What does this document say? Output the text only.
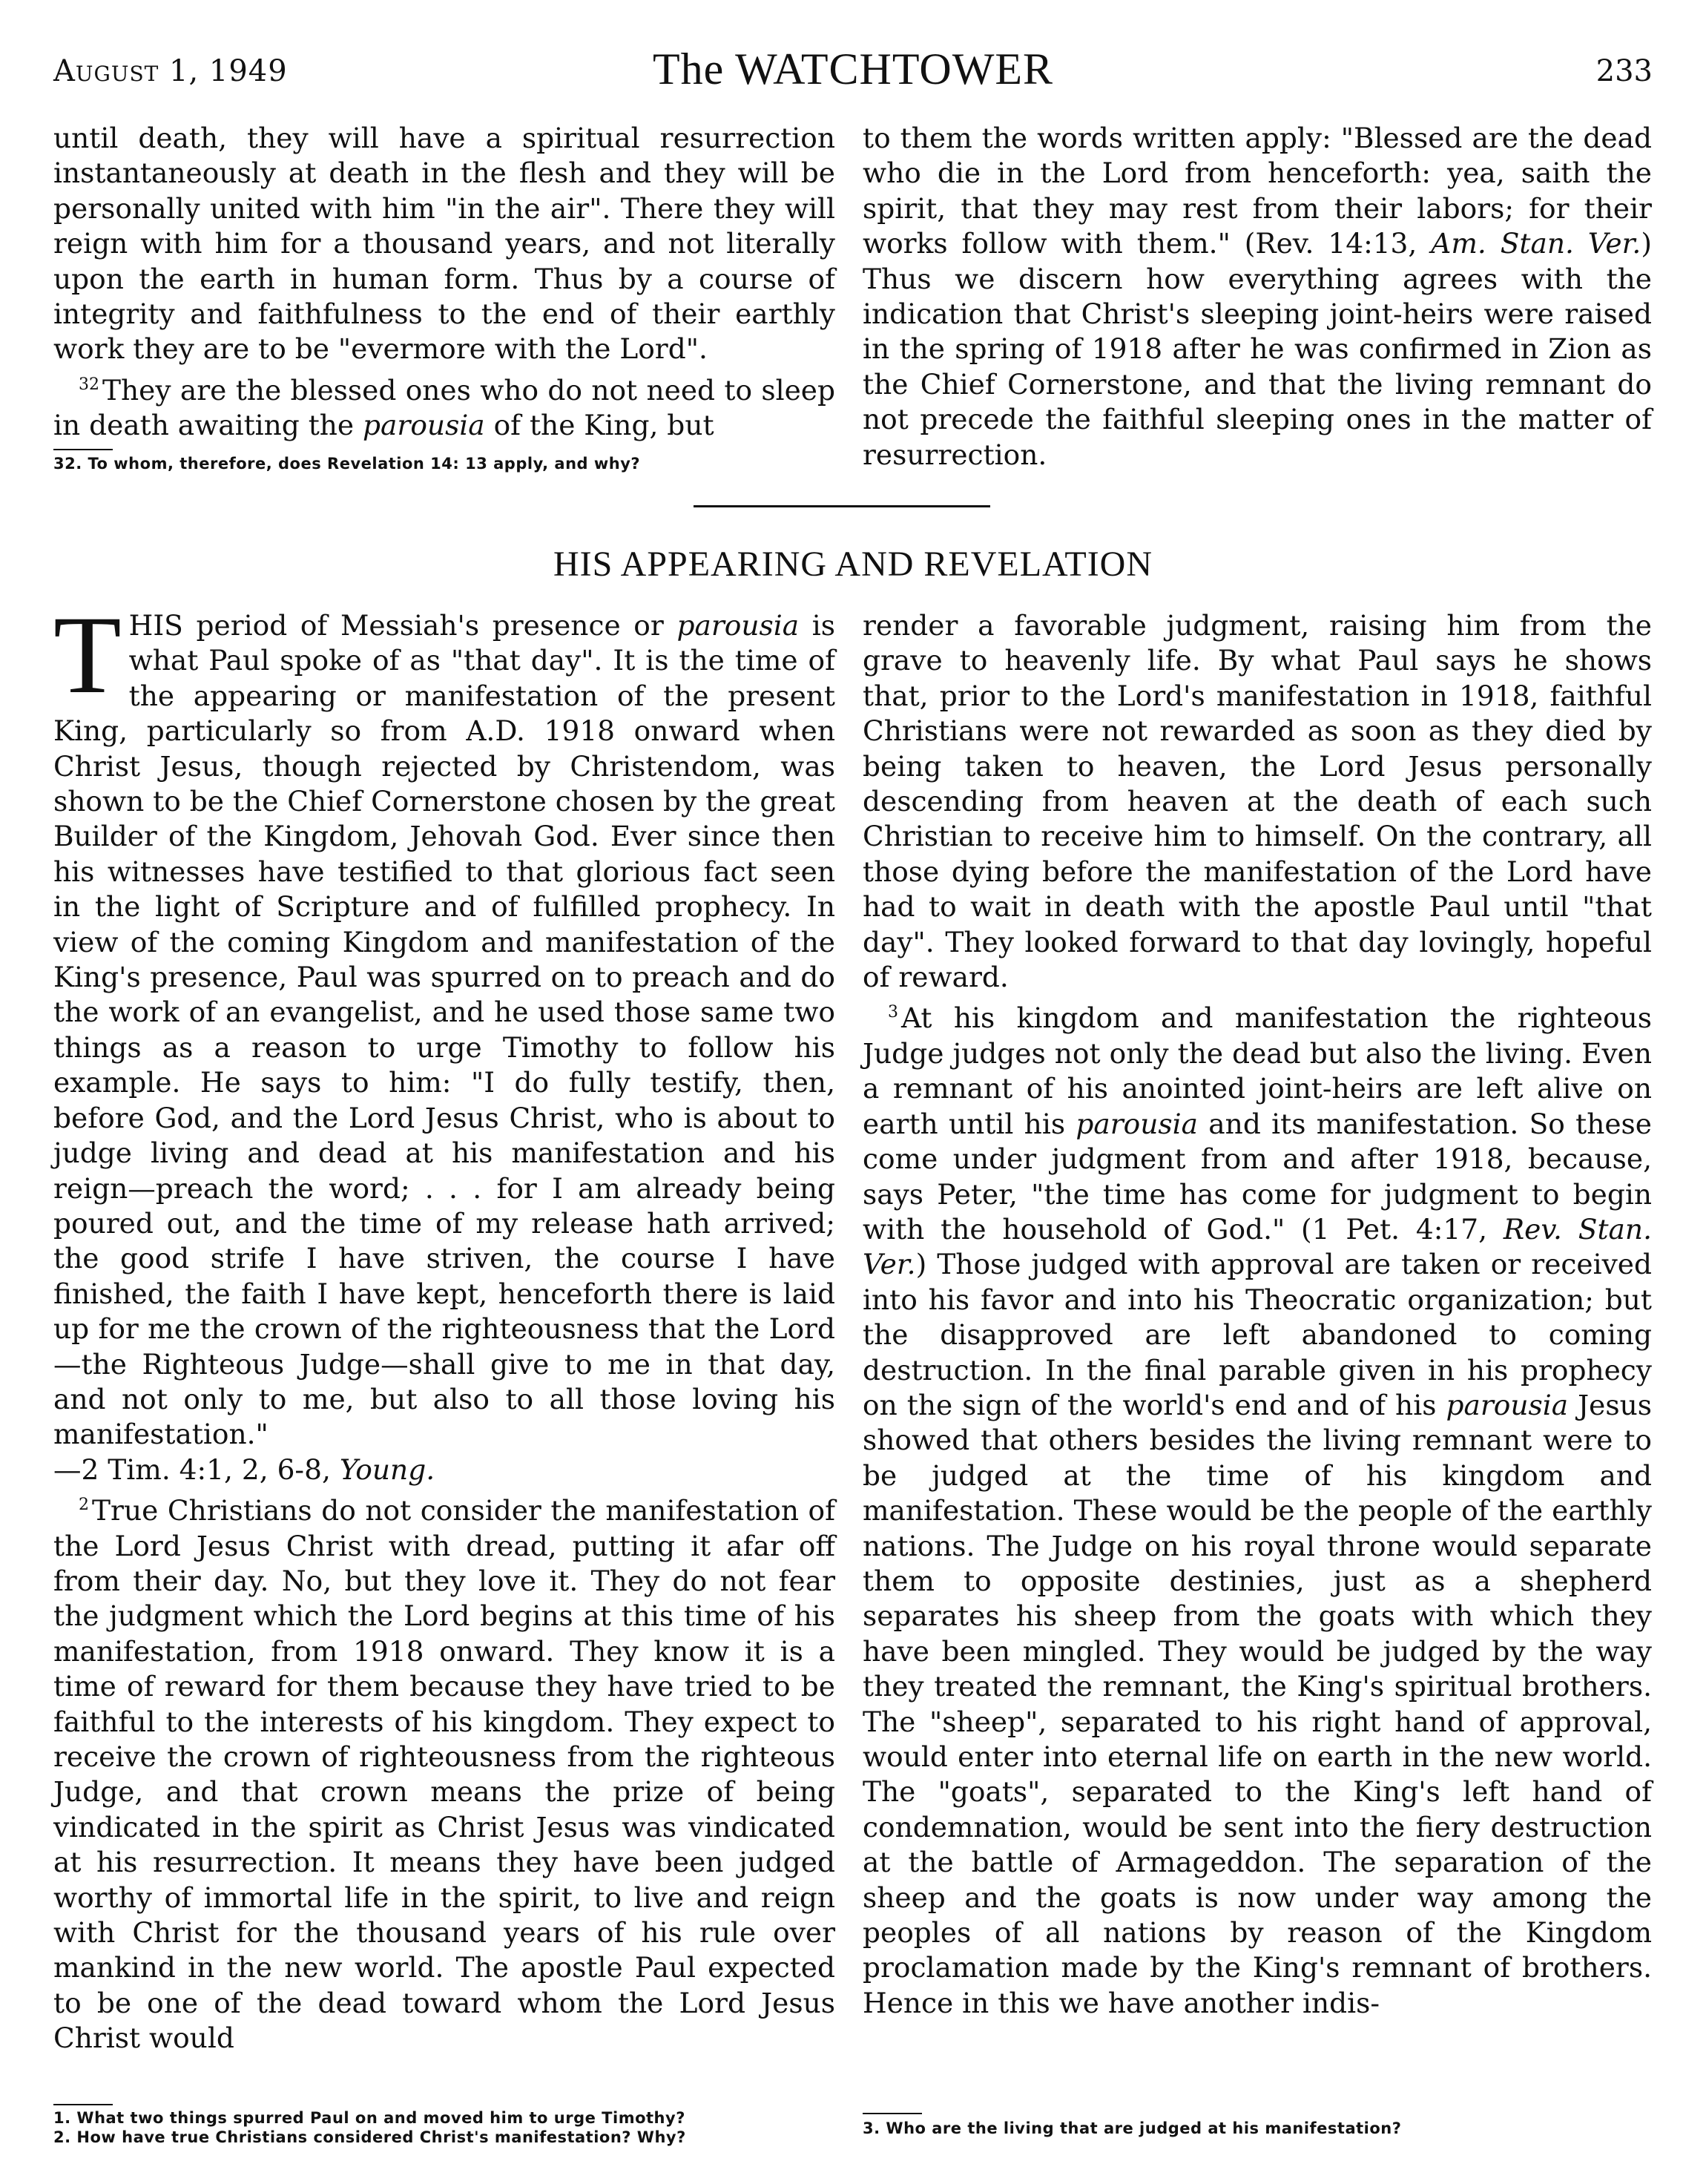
August 1, 1949	The WATCHTOWER	233

until death, they will have a spiritual resurrection instantaneously at death in the flesh and they will be personally united with him "in the air". There they will reign with him for a thousand years, and not literally upon the earth in human form. Thus by a course of integrity and faithfulness to the end of their earthly work they are to be "evermore with the Lord".

$^{32}$ They are the blessed ones who do not need to sleep in death awaiting the parousia of the King, but

32. To whom, therefore, does Revelation 14: 13 apply, and why?

to them the words written apply: "Blessed are the dead who die in the Lord from henceforth: yea, saith the spirit, that they may rest from their labors; for their works follow with them." (Rev. 14:13, Am. Stan. Ver.) Thus we discern how everything agrees with the indication that Christ's sleeping joint-heirs were raised in the spring of 1918 after he was confirmed in Zion as the Chief Cornerstone, and that the living remnant do not precede the faithful sleeping ones in the matter of resurrection.

HIS APPEARING AND REVELATION

THIS period of Messiah's presence or parousia is what Paul spoke of as "that day". It is the time of the appearing or manifestation of the present King, particularly so from A.D. 1918 onward when Christ Jesus, though rejected by Christendom, was shown to be the Chief Cornerstone chosen by the great Builder of the Kingdom, Jehovah God. Ever since then his witnesses have testified to that glorious fact seen in the light of Scripture and of fulfilled prophecy. In view of the coming Kingdom and manifestation of the King's presence, Paul was spurred on to preach and do the work of an evangelist, and he used those same two things as a reason to urge Timothy to follow his example. He says to him: "I do fully testify, then, before God, and the Lord Jesus Christ, who is about to judge living and dead at his manifestation and his reign—preach the word; . . . for I am already being poured out, and the time of my release hath arrived; the good strife I have striven, the course I have finished, the faith I have kept, henceforth there is laid up for me the crown of the righteousness that the Lord—the Righteous Judge—shall give to me in that day, and not only to me, but also to all those loving his manifestation."
—2 Tim. 4:1, 2, 6-8, Young.

$^2$ True Christians do not consider the manifestation of the Lord Jesus Christ with dread, putting it afar off from their day. No, but they love it. They do not fear the judgment which the Lord begins at this time of his manifestation, from 1918 onward. They know it is a time of reward for them because they have tried to be faithful to the interests of his kingdom. They expect to receive the crown of righteousness from the righteous Judge, and that crown means the prize of being vindicated in the spirit as Christ Jesus was vindicated at his resurrection. It means they have been judged worthy of immortal life in the spirit, to live and reign with Christ for the thousand years of his rule over mankind in the new world. The apostle Paul expected to be one of the dead toward whom the Lord Jesus Christ would

1. What two things spurred Paul on and moved him to urge Timothy?
2. How have true Christians considered Christ's manifestation? Why?

render a favorable judgment, raising him from the grave to heavenly life. By what Paul says he shows that, prior to the Lord's manifestation in 1918, faithful Christians were not rewarded as soon as they died by being taken to heaven, the Lord Jesus personally descending from heaven at the death of each such Christian to receive him to himself. On the contrary, all those dying before the manifestation of the Lord have had to wait in death with the apostle Paul until "that day". They looked forward to that day lovingly, hopeful of reward.

$^3$ At his kingdom and manifestation the righteous Judge judges not only the dead but also the living. Even a remnant of his anointed joint-heirs are left alive on earth until his parousia and its manifestation. So these come under judgment from and after 1918, because, says Peter, "the time has come for judgment to begin with the household of God." (1 Pet. 4:17, Rev. Stan. Ver.) Those judged with approval are taken or received into his favor and into his Theocratic organization; but the disapproved are left abandoned to coming destruction. In the final parable given in his prophecy on the sign of the world's end and of his parousia Jesus showed that others besides the living remnant were to be judged at the time of his kingdom and manifestation. These would be the people of the earthly nations. The Judge on his royal throne would separate them to opposite destinies, just as a shepherd separates his sheep from the goats with which they have been mingled. They would be judged by the way they treated the remnant, the King's spiritual brothers. The "sheep", separated to his right hand of approval, would enter into eternal life on earth in the new world. The "goats", separated to the King's left hand of condemnation, would be sent into the fiery destruction at the battle of Armageddon. The separation of the sheep and the goats is now under way among the peoples of all nations by reason of the Kingdom proclamation made by the King's remnant of brothers. Hence in this we have another indis-

3. Who are the living that are judged at his manifestation?
